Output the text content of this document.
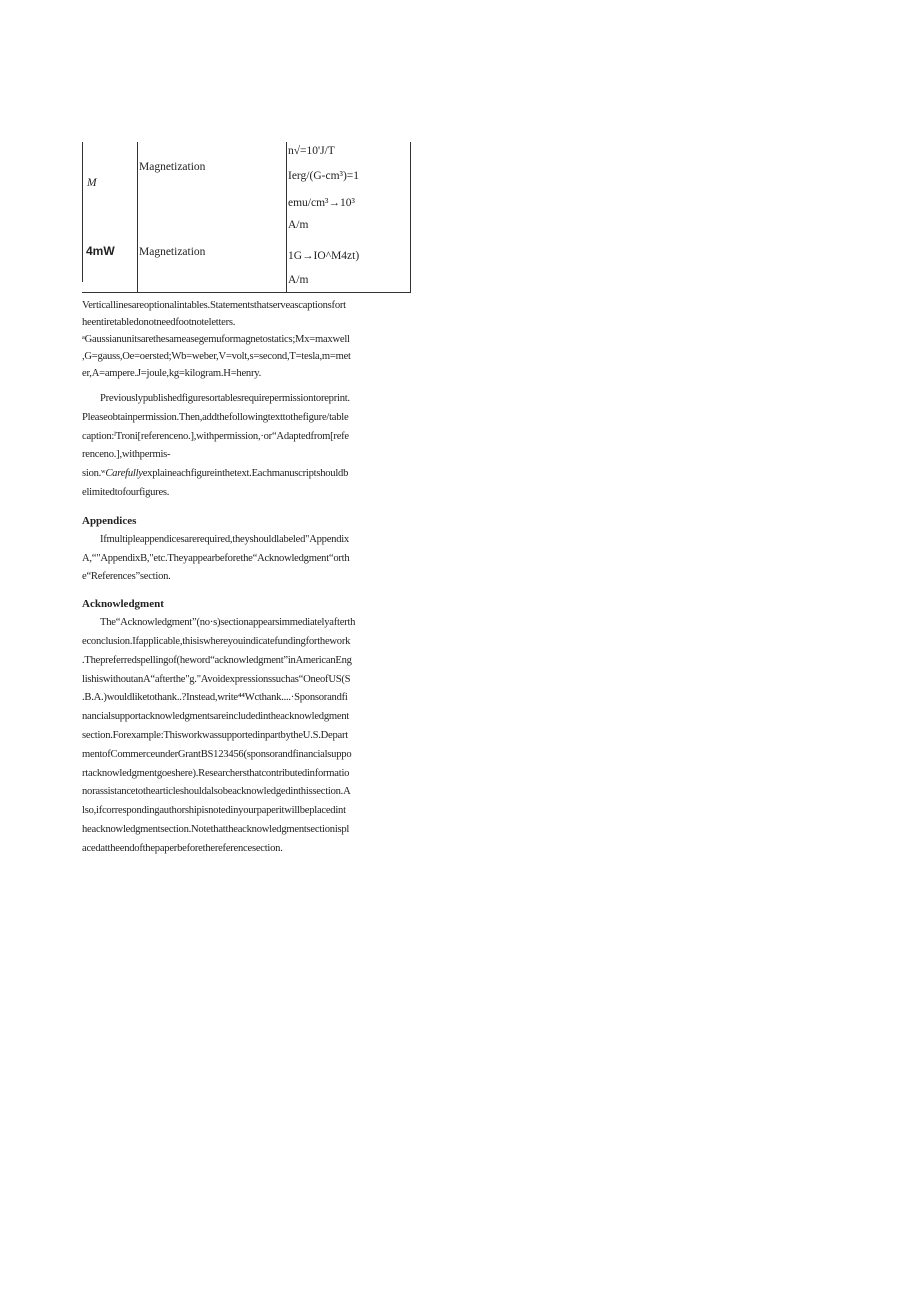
M
Magnetization
n√=10'J/T
Ierg/(G-cm³)=1
emu/cm³→10³
A/m
4mW Magnetization	1G→IO^M4zt)
A/m

Verticallinesareoptionalintables.Statementsthatserveascaptionsfort

heentiretabledonotneedfootnoteletters.

ᵃGaussianunitsarethesameasegemuformagnetostatics;Mx=maxwell

,G=gauss,Oe=oersted;Wb=weber,V=volt,s=second,T=tesla,m=met

er,A=ampere.J=joule,kg=kilogram.H=henry.

Previouslypublishedfiguresortablesrequirepermissiontoreprint.

Pleaseobtainpermission.Then,addthefollowingtexttothefigure/table

caption:ˡTroni[referenceno.],withpermission,·or“Adaptedfrom[refe

renceno.],withpermis-

sion.ʷCarefullyexplaineachfigureinthetext.Eachmanuscriptshouldb

elimitedtofourfigures.

Appendices

Ifmultipleappendicesarerequired,theyshouldlabeled"Appendix

A,“"AppendixB,"etc.Theyappearbeforethe“Acknowledgment“orth

e“References”section.

Acknowledgment

The“Acknowledgment”(no·s)sectionappearsimmediatelyafterth

econclusion.Ifapplicable,thisiswhereyouindicatefundingforthework

.Thepreferredspellingof(heword“acknowledgment”inAmericanEng

lishiswithoutanA“afterthe"g."Avoidexpressionssuchas“OneofUS(S

.B.A.)wouldliketothank..?Instead,write⁴⁴Wcthank....·Sponsorandfi

nancialsupportacknowledgmentsareincludedintheacknowledgment

section.Forexample:ThisworkwassupportedinpartbytheU.S.Depart

mentofCommerceunderGrantBS123456(sponsorandfinancialsuppo

rtacknowledgmentgoeshere).Researchersthatcontributedinformatio

norassistancetothearticleshouldalsobeacknowledgedinthissection.A

lso,ifcorrespondingauthorshipisnotedinyourpaperitwillbeplacedint

heacknowledgmentsection.Notethattheacknowledgmentsectionispl

acedattheendofthepaperbeforethereferencesection.
